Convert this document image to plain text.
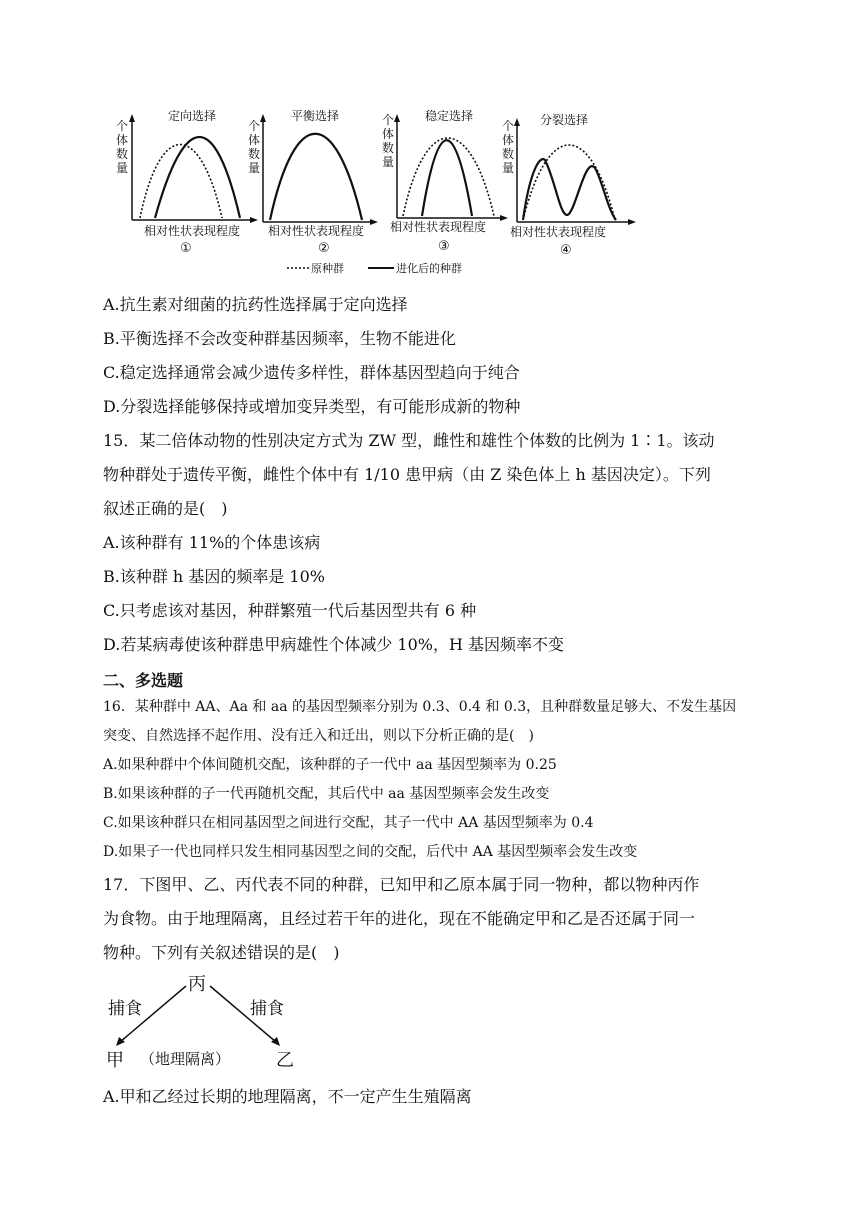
个
体
数
量
定向选择
相对性状表现程度
①
个
体
数
量
平衡选择
相对性状表现程度
②
个
体
数
量
稳定选择
相对性状表现程度
③
个
体
数
量
分裂选择
相对性状表现程度
④
原种群	进化后的种群
A.抗生素对细菌的抗药性选择属于定向选择
B.平衡选择不会改变种群基因频率，生物不能进化
C.稳定选择通常会减少遗传多样性，群体基因型趋向于纯合
D.分裂选择能够保持或增加变异类型，有可能形成新的物种
15．某二倍体动物的性别决定方式为 ZW 型，雌性和雄性个体数的比例为 1∶1。该动
物种群处于遗传平衡，雌性个体中有 1/10 患甲病（由 Z 染色体上 h 基因决定）。下列
叙述正确的是(　)
A.该种群有 11%的个体患该病
B.该种群 h 基因的频率是 10%
C.只考虑该对基因，种群繁殖一代后基因型共有 6 种
D.若某病毒使该种群患甲病雄性个体减少 10%，H 基因频率不变
二、多选题
16．某种群中 AA、Aa 和 aa 的基因型频率分别为 0.3、0.4 和 0.3，且种群数量足够大、不发生基因
突变、自然选择不起作用、没有迁入和迁出，则以下分析正确的是(　)
A.如果种群中个体间随机交配，该种群的子一代中 aa 基因型频率为 0.25
B.如果该种群的子一代再随机交配，其后代中 aa 基因型频率会发生改变
C.如果该种群只在相同基因型之间进行交配，其子一代中 AA 基因型频率为 0.4
D.如果子一代也同样只发生相同基因型之间的交配，后代中 AA 基因型频率会发生改变
17．下图甲、乙、丙代表不同的种群，已知甲和乙原本属于同一物种，都以物种丙作
为食物。由于地理隔离，且经过若干年的进化，现在不能确定甲和乙是否还属于同一
物种。下列有关叙述错误的是(　)
丙
捕食	捕食
甲 （地理隔离）	乙
A.甲和乙经过长期的地理隔离，不一定产生生殖隔离
